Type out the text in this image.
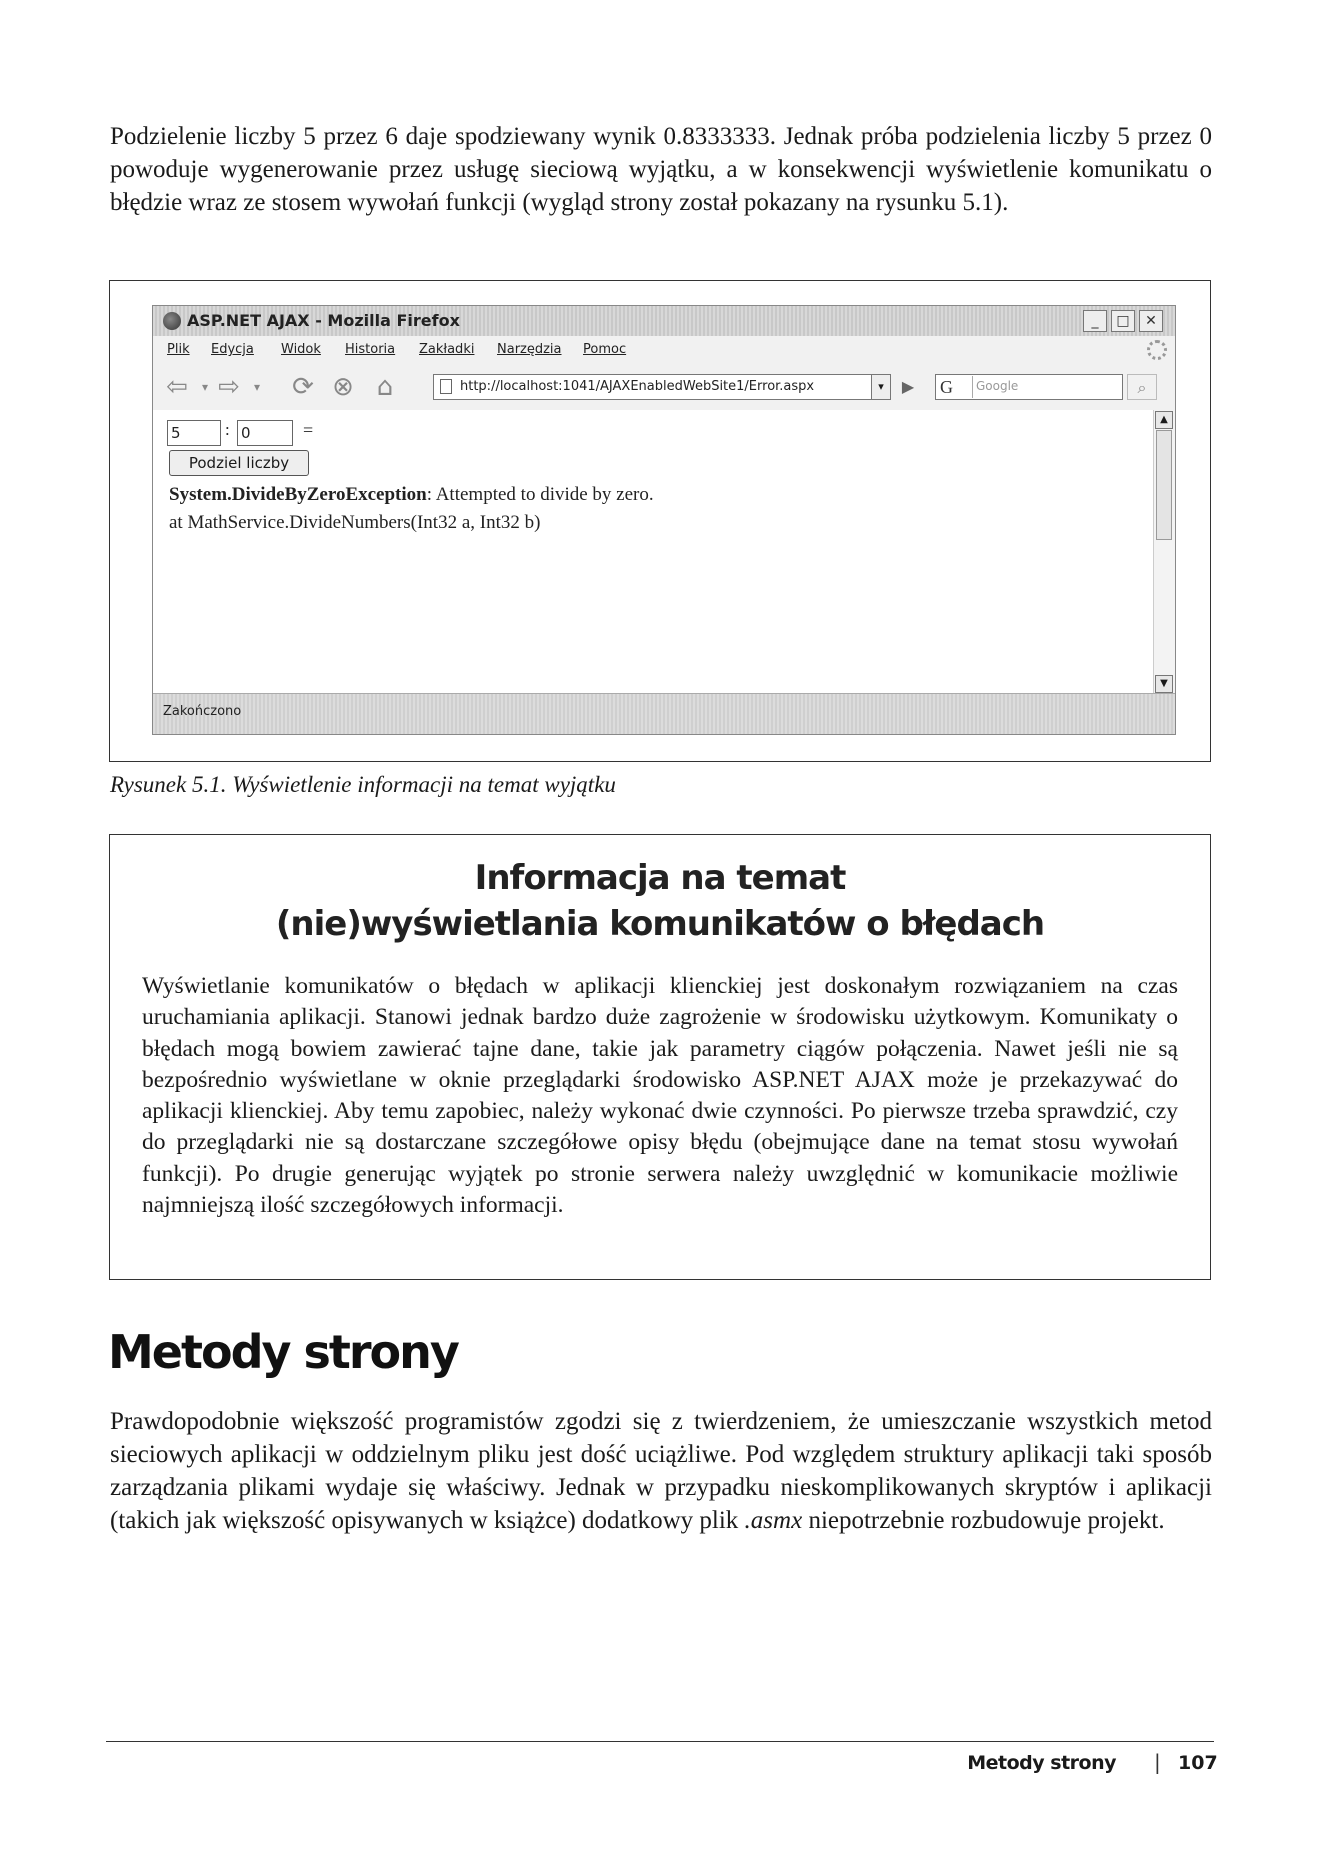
Podzielenie liczby 5 przez 6 daje spodziewany wynik 0.8333333. Jednak próba podzielenia liczby 5 przez 0 powoduje wygenerowanie przez usługę sieciową wyjątku, a w konsekwencji wyświetlenie komunikatu o błędzie wraz ze stosem wywołań funkcji (wygląd strony został pokazany na rysunku 5.1).

ASP.NET AJAX - Mozilla Firefox	_	□	✕
Plik Edycja Widok Historia Zakładki Narzędzia Pomoc
⇦	▾ ⇨	▾	⟳ ⊗ ⌂	http://localhost:1041/AJAXEnabledWebSite1/Error.aspx	▾	▶	G	Google	⌕
5	: 0	=
Podziel liczby
System.DivideByZeroException: Attempted to divide by zero.
at MathService.DivideNumbers(Int32 a, Int32 b)
▲
▼
Zakończono
Rysunek 5.1. Wyświetlenie informacji na temat wyjątku
Informacja na temat
(nie)wyświetlania komunikatów o błędach

Wyświetlanie komunikatów o błędach w aplikacji klienckiej jest doskonałym rozwiązaniem na czas uruchamiania aplikacji. Stanowi jednak bardzo duże zagrożenie w środowisku użytkowym. Komunikaty o błędach mogą bowiem zawierać tajne dane, takie jak parametry ciągów połączenia. Nawet jeśli nie są bezpośrednio wyświetlane w oknie przeglądarki środowisko ASP.NET AJAX może je przekazywać do aplikacji klienckiej. Aby temu zapobiec, należy wykonać dwie czynności. Po pierwsze trzeba sprawdzić, czy do przeglądarki nie są dostarczane szczegółowe opisy błędu (obejmujące dane na temat stosu wywołań funkcji). Po drugie generując wyjątek po stronie serwera należy uwzględnić w komunikacie możliwie najmniejszą ilość szczegółowych informacji.

Metody strony

Prawdopodobnie większość programistów zgodzi się z twierdzeniem, że umieszczanie wszystkich metod sieciowych aplikacji w oddzielnym pliku jest dość uciążliwe. Pod względem struktury aplikacji taki sposób zarządzania plikami wydaje się właściwy. Jednak w przypadku nieskomplikowanych skryptów i aplikacji (takich jak większość opisywanych w książce) dodatkowy plik .asmx niepotrzebnie rozbudowuje projekt.

Metody strony | 107
